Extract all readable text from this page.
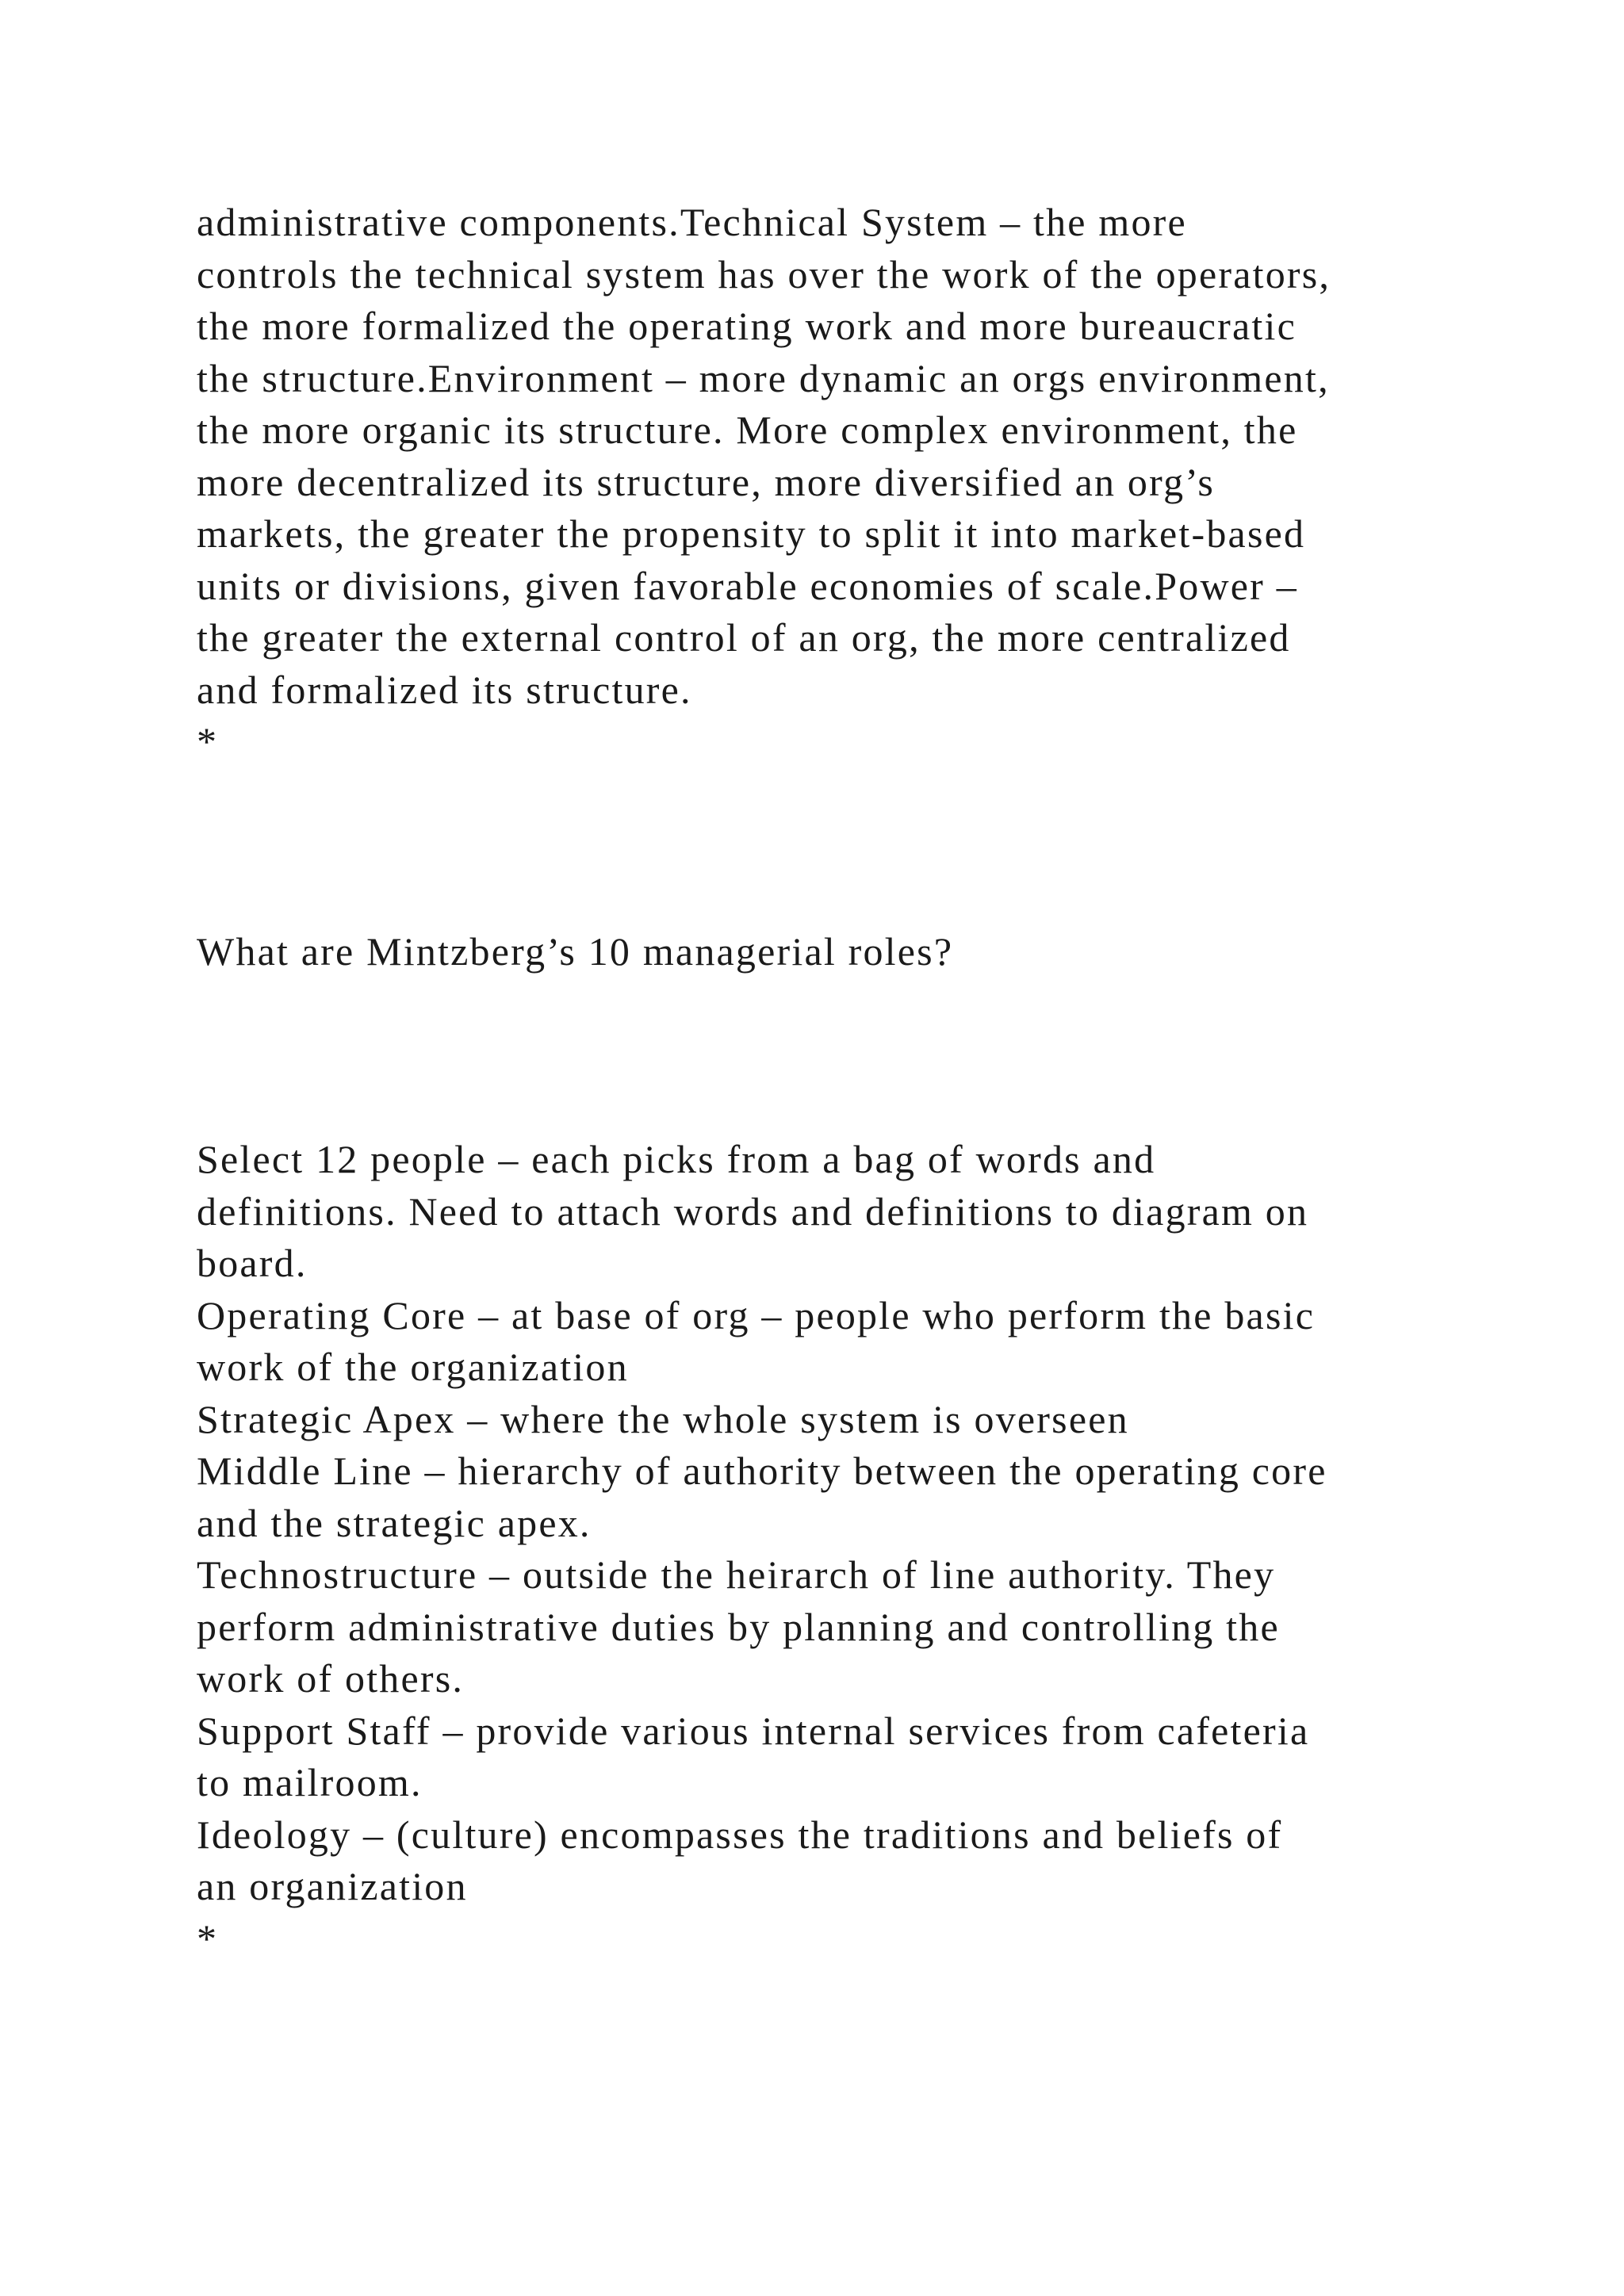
administrative components.Technical System – the more
controls the technical system has over the work of the operators,
the more formalized the operating work and more bureaucratic
the structure.Environment – more dynamic an orgs environment,
the more organic its structure. More complex environment, the
more decentralized its structure, more diversified an org’s
markets, the greater the propensity to split it into market-based
units or divisions, given favorable economies of scale.Power –
the greater the external control of an org, the more centralized
and formalized its structure.
*
What are Mintzberg’s 10 managerial roles?
Select 12 people – each picks from a bag of words and
definitions. Need to attach words and definitions to diagram on
board.
Operating Core – at base of org – people who perform the basic
work of the organization
Strategic Apex – where the whole system is overseen
Middle Line – hierarchy of authority between the operating core
and the strategic apex.
Technostructure – outside the heirarch of line authority. They
perform administrative duties by planning and controlling the
work of others.
Support Staff – provide various internal services from cafeteria
to mailroom.
Ideology – (culture) encompasses the traditions and beliefs of
an organization
*
